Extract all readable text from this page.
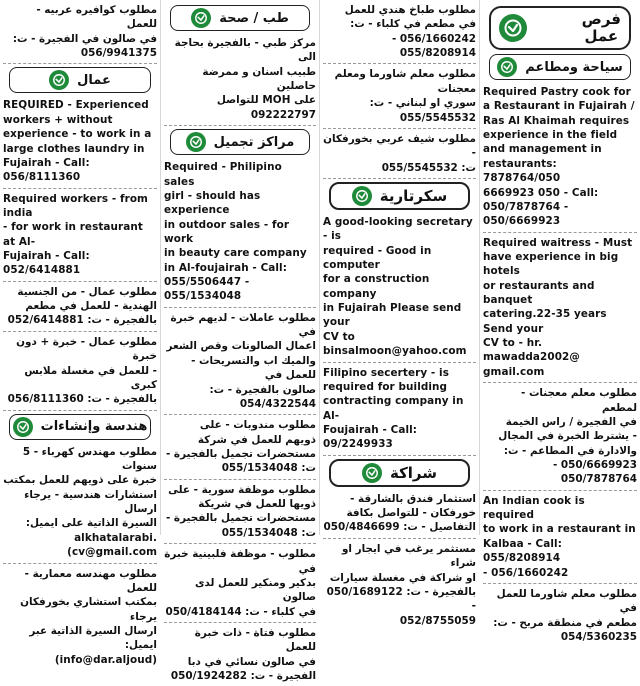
مطلوب كوافيره عربيه - للعمل
في صالون في الفجيرة - ت:
056/9941375
عمال
REQUIRED - Experienced
workers + without
experience - to work in a
large clothes laundry in
Fujairah - Call: 056/8111360
Required workers - from india
- for work in restaurant at Al-
Fujairah - Call: 052/6414881
مطلوب عمال - من الجنسية
الهندية - للعمل في مطعم
بالفجيرة - ت: 052/6414881
مطلوب عمال - خبرة + دون خبرة
- للعمل في مغسلة ملابس كبرى
بالفجيرة - ت: 056/8111360
هندسة وإنشاءات
مطلوب مهندس كهرباء - 5 سنوات
خبرة على ذويهم للعمل بمكتب
استشارات هندسية - يرجاء ارسال
السيرة الذاتية على ايميل:
alkhatalarabi. cv@gmail.com)
مطلوب مهندسه معمارية - للعمل
بمكتب استشاري بخورفكان يرجاء
ارسال السيرة الذاتية عبر ايميل:
(info@dar.aljoud)
طب / صحة
مركز طبي - بالفجيرة بحاجة الى
طبيب اسنان و ممرضة حاصلين
على MOH للتواصل 092222797
مراكز تجميل
Required - Philipino sales
girl - should has experience
in outdoor sales - for work
in beauty care company
in Al-foujairah - Call:
055/5506447 - 055/1534048
مطلوب عاملات - لديهم خبرة في
اعمال الصالونات وقص الشعر
والميك اب والتسريحات - للعمل في
صالون بالفجيرة - ت: 054/4322544
مطلوب مندوبات - على
ذويهم للعمل في شركة
مستحضرات تجميل بالفجيرة -
ت: 055/1534048
مطلوب موظفة سورية - على
ذويها للعمل في شريكة
مستحضرات تجميل بالفجيرة -
ت: 055/1534048
مطلوب - موظفة فلبينية خبرة في
بدكير ومنكير للعمل لدى صالون
في كلباء - ت: 050/4184144
مطلوب فتاة - ذات خبرة للعمل
في صالون نسائي في دبا
الفجيرة - ت: 050/1924282
مطلوب طباخ هندي للعمل
في مطعم في كلباء - ت:
056/1660242 - 055/8208914
مطلوب معلم شاورما ومعلم معجنات
سوري او لبناني - ت: 055/5545532
مطلوب شيف عربي بخورفكان -
ت: 055/5545532
سكرتارية
A good-looking secretary - is
required - Good in computer
for a construction company
in Fujairah Please send your
CV to binsalmoon@yahoo.com
Filipino secertery - is
required for building
contracting company in Al-
Foujairah - Call: 09/2249933
شراكة
استثمار فندق بالشارقة -
خورفكان - للتواصل بكافة
التفاصيل - ت: 050/4846699
مستثمر يرغب في ايجار او شراء
او شراكة في مغسلة سيارات
بالفجيرة - ت: 050/1689122 -
052/8755059
فرص
عمل
سياحة ومطاعم
Required Pastry cook for
a Restaurant in Fujairah /
Ras Al Khaimah requires
experience in the field
and management in
restaurants: 7878764/050
6669923 050 - Call:
050/7878764 - 050/6669923
Required waitress - Must
have experience in big hotels
or restaurants and banquet
catering.22-35 years Send your
CV to - hr. mawadda2002@
gmail.com
مطلوب معلم معجنات - لمطعم
في الفجيرة / راس الخيمة
- يشترط الخبرة في المجال
والادارة في المطاعم - ت:
050/6669923 - 050/7878764
An Indian cook is required
to work in a restaurant in
Kalbaa - Call: 055/8208914
- 056/1660242
مطلوب معلم شاورما للعمل في
مطعم في منطقة مربح - ت:
054/5360235
